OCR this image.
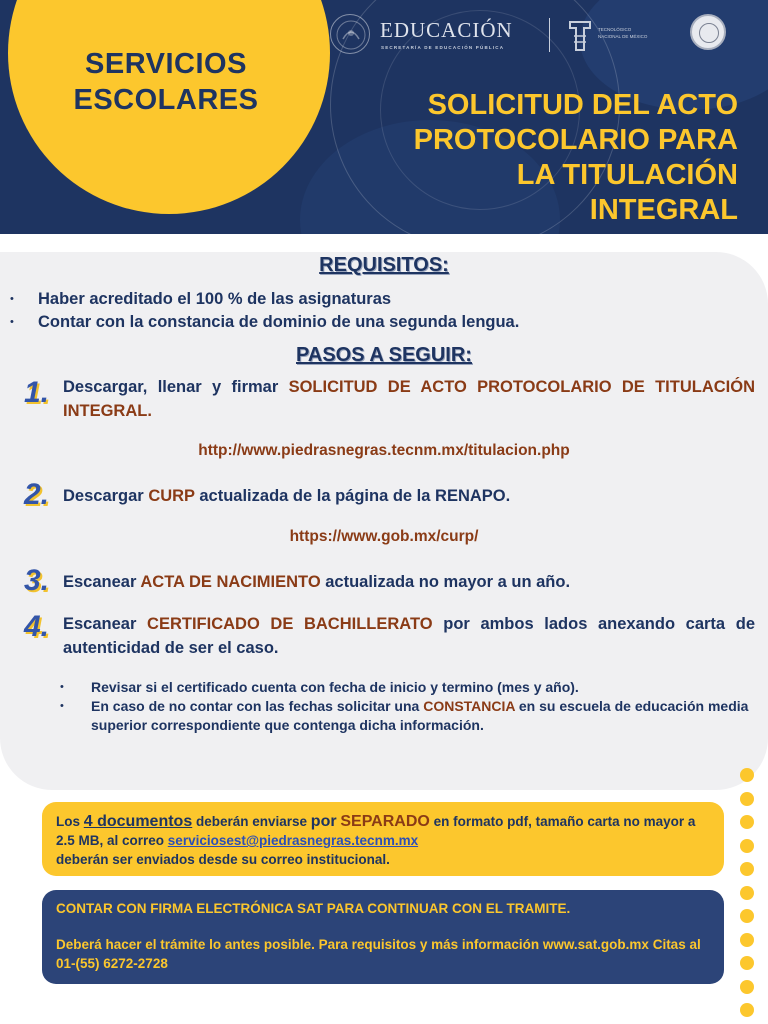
SERVICIOS
ESCOLARES
EDUCACIÓN
SECRETARÍA DE EDUCACIÓN PÚBLICA
TECNOLÓGICO
NACIONAL DE MÉXICO
SOLICITUD DEL ACTO
PROTOCOLARIO PARA
LA TITULACIÓN
INTEGRAL
REQUISITOS:
• Haber acreditado el 100 % de las asignaturas
• Contar con la constancia de dominio de una segunda lengua.
PASOS A SEGUIR:
1. Descargar, llenar y firmar SOLICITUD DE ACTO PROTOCOLARIO DE TITULACIÓN INTEGRAL.
http://www.piedrasnegras.tecnm.mx/titulacion.php
2. Descargar CURP actualizada de la página de la RENAPO.
https://www.gob.mx/curp/
3. Escanear ACTA DE NACIMIENTO actualizada no mayor a un año.
4. Escanear CERTIFICADO DE BACHILLERATO por ambos lados anexando carta de autenticidad de ser el caso.
• Revisar si el certificado cuenta con fecha de inicio y termino (mes y año).
• En caso de no contar con las fechas solicitar una CONSTANCIA en su escuela de educación media superior correspondiente que contenga dicha información.
Los 4 documentos deberán enviarse por SEPARADO en formato pdf, tamaño carta no mayor a 2.5 MB, al correo serviciosest@piedrasnegras.tecnm.mx
deberán ser enviados desde su correo institucional.
CONTAR CON FIRMA ELECTRÓNICA SAT PARA CONTINUAR CON EL TRAMITE.
Deberá hacer el trámite lo antes posible. Para requisitos y más información www.sat.gob.mx Citas al 01-(55) 6272-2728
